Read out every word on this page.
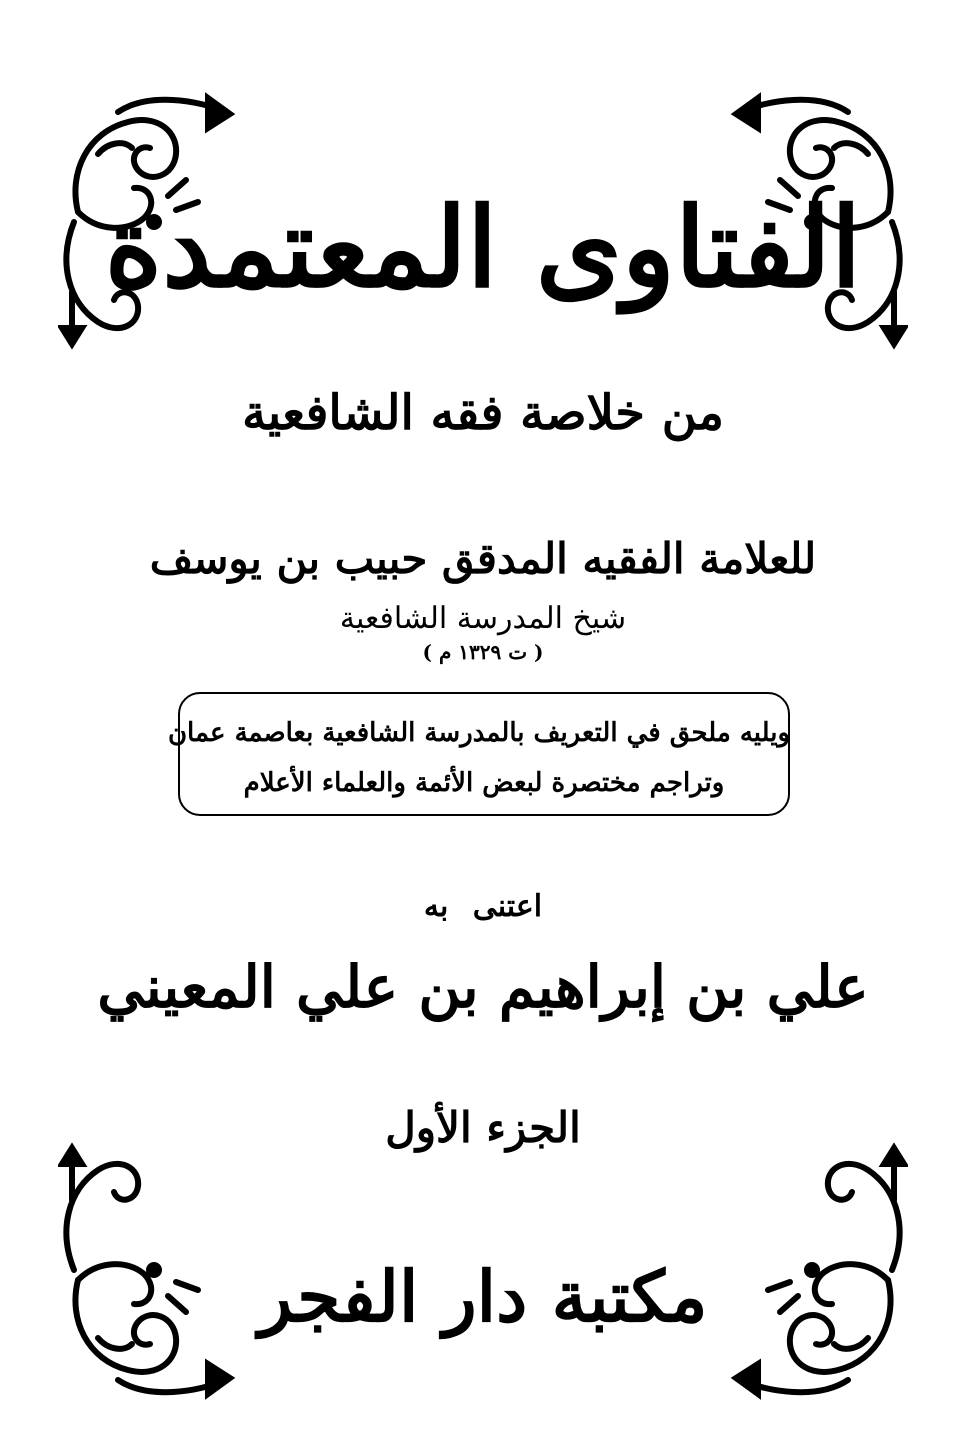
الفتاوى المعتمدة
من خلاصة فقه الشافعية
للعلامة الفقيه المدقق حبيب بن يوسف
شيخ المدرسة الشافعية
( ت ١٣٢٩ م )
ويليه ملحق في التعريف بالمدرسة الشافعية بعاصمة عمان
وتراجم مختصرة لبعض الأئمة والعلماء الأعلام
اعتنى به
علي بن إبراهيم بن علي المعيني
الجزء الأول
مكتبة دار الفجر
